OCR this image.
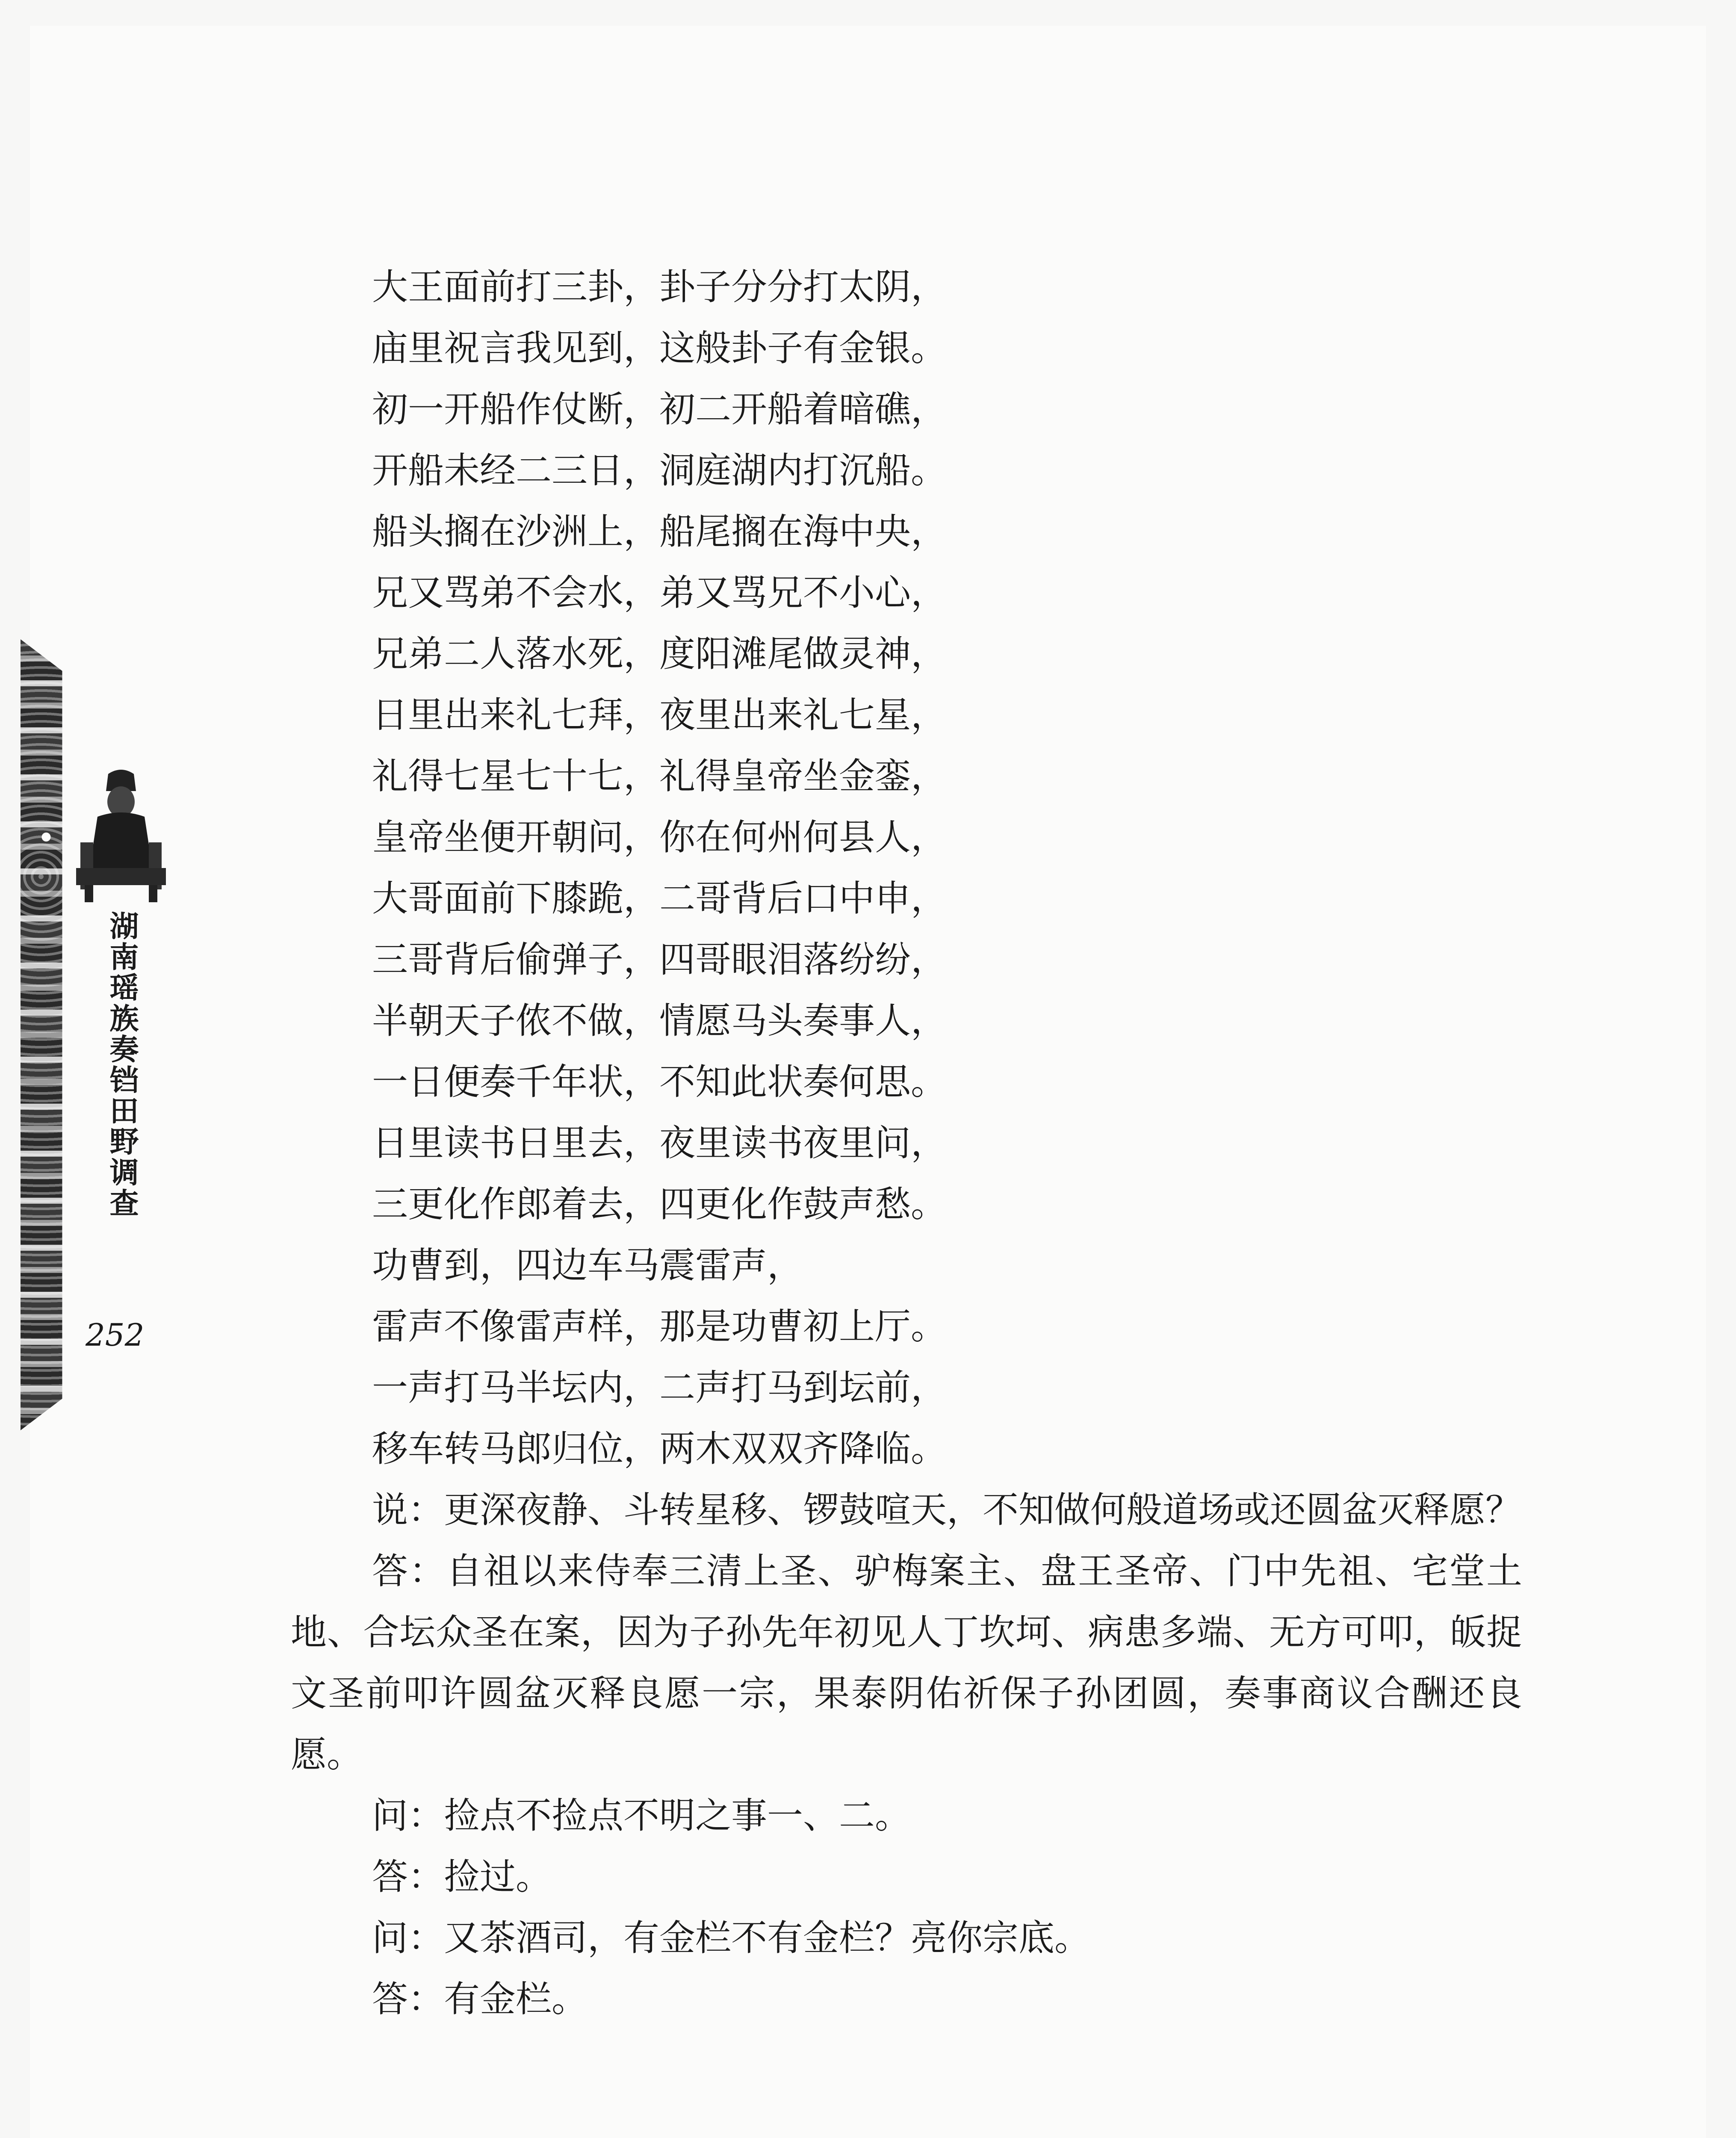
湖南瑶族奏铛田野调查
252

大王面前打三卦，卦子分分打太阴，

庙里祝言我见到，这般卦子有金银。

初一开船作仗断，初二开船着暗礁，

开船未经二三日，洞庭湖内打沉船。

船头搁在沙洲上，船尾搁在海中央，

兄又骂弟不会水，弟又骂兄不小心，

兄弟二人落水死，度阳滩尾做灵神，

日里出来礼七拜，夜里出来礼七星，

礼得七星七十七，礼得皇帝坐金銮，

皇帝坐便开朝问，你在何州何县人，

大哥面前下膝跪，二哥背后口中申，

三哥背后偷弹子，四哥眼泪落纷纷，

半朝天子侬不做，情愿马头奏事人，

一日便奏千年状，不知此状奏何思。

日里读书日里去，夜里读书夜里问，

三更化作郎着去，四更化作鼓声愁。

功曹到，四边车马震雷声，

雷声不像雷声样，那是功曹初上厅。

一声打马半坛内，二声打马到坛前，

移车转马郎归位，两木双双齐降临。

说：更深夜静、斗转星移、锣鼓喧天，不知做何般道场或还圆盆灭释愿？

答：自祖以来侍奉三清上圣、驴梅案主、盘王圣帝、门中先祖、宅堂土地、合坛众圣在案，因为子孙先年初见人丁坎坷、病患多端、无方可叩，皈捉文圣前叩许圆盆灭释良愿一宗，果泰阴佑祈保子孙团圆，奏事商议合酬还良愿。

问：捡点不捡点不明之事一、二。

答：捡过。

问：又茶酒司，有金栏不有金栏？亮你宗底。

答：有金栏。
